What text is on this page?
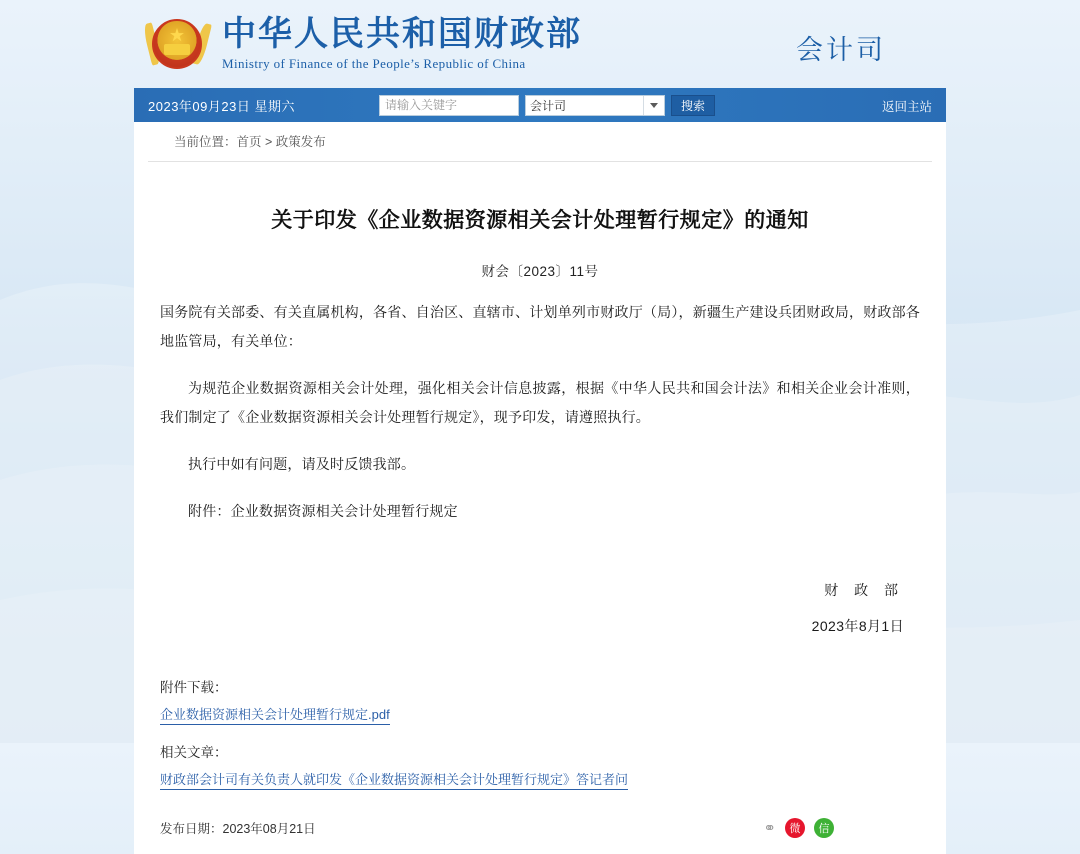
★ 中华人民共和国财政部
Ministry of Finance of the People’s Republic of China	会计司
2023年09月23日 星期六
请输入关键字	会计司	搜索	返回主站
当前位置：首页 > 政策发布
关于印发《企业数据资源相关会计处理暂行规定》的通知
财会〔2023〕11号
国务院有关部委、有关直属机构，各省、自治区、直辖市、计划单列市财政厅（局），新疆生产建设兵团财政局，财政部各地监管局，有关单位：
为规范企业数据资源相关会计处理，强化相关会计信息披露，根据《中华人民共和国会计法》和相关企业会计准则，我们制定了《企业数据资源相关会计处理暂行规定》，现予印发，请遵照执行。
执行中如有问题，请及时反馈我部。
附件：企业数据资源相关会计处理暂行规定
财 政 部
2023年8月1日
附件下载：
企业数据资源相关会计处理暂行规定.pdf
相关文章：
财政部会计司有关负责人就印发《企业数据资源相关会计处理暂行规定》答记者问
发布日期：2023年08月21日	⚭	微	信
